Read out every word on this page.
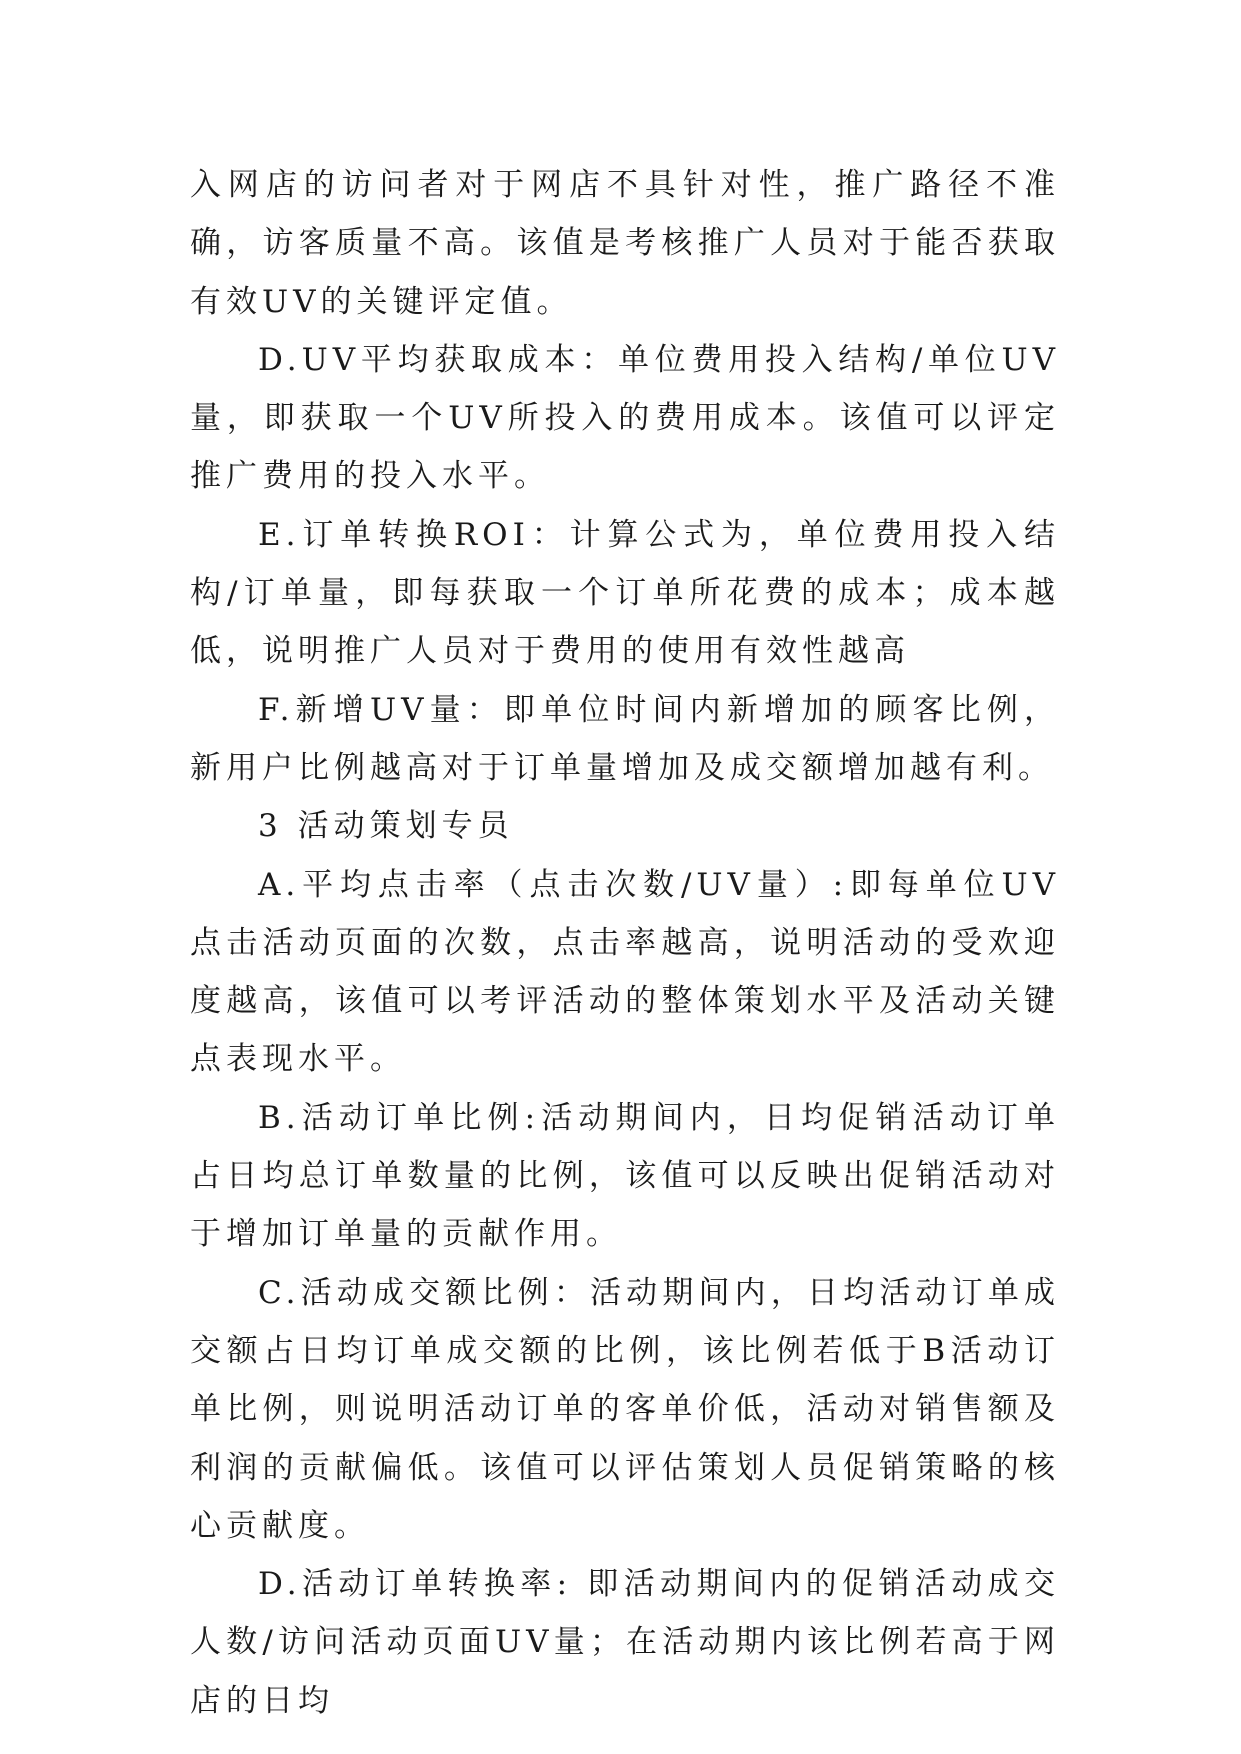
入网店的访问者对于网店不具针对性，推广路径不准确，访客质量不高。该值是考核推广人员对于能否获取有效UV的关键评定值。

D.UV平均获取成本：单位费用投入结构/单位UV量，即获取一个UV所投入的费用成本。该值可以评定推广费用的投入水平。

E.订单转换ROI：计算公式为，单位费用投入结构/订单量，即每获取一个订单所花费的成本；成本越低，说明推广人员对于费用的使用有效性越高

F.新增UV量：即单位时间内新增加的顾客比例，新用户比例越高对于订单量增加及成交额增加越有利。

3 活动策划专员

A.平均点击率（点击次数/UV量）:即每单位UV点击活动页面的次数，点击率越高，说明活动的受欢迎度越高，该值可以考评活动的整体策划水平及活动关键点表现水平。

B.活动订单比例:活动期间内，日均促销活动订单占日均总订单数量的比例，该值可以反映出促销活动对于增加订单量的贡献作用。

C.活动成交额比例：活动期间内，日均活动订单成交额占日均订单成交额的比例，该比例若低于B活动订单比例，则说明活动订单的客单价低，活动对销售额及利润的贡献偏低。该值可以评估策划人员促销策略的核心贡献度。

D.活动订单转换率: 即活动期间内的促销活动成交人数/访问活动页面UV量；在活动期内该比例若高于网店的日均
